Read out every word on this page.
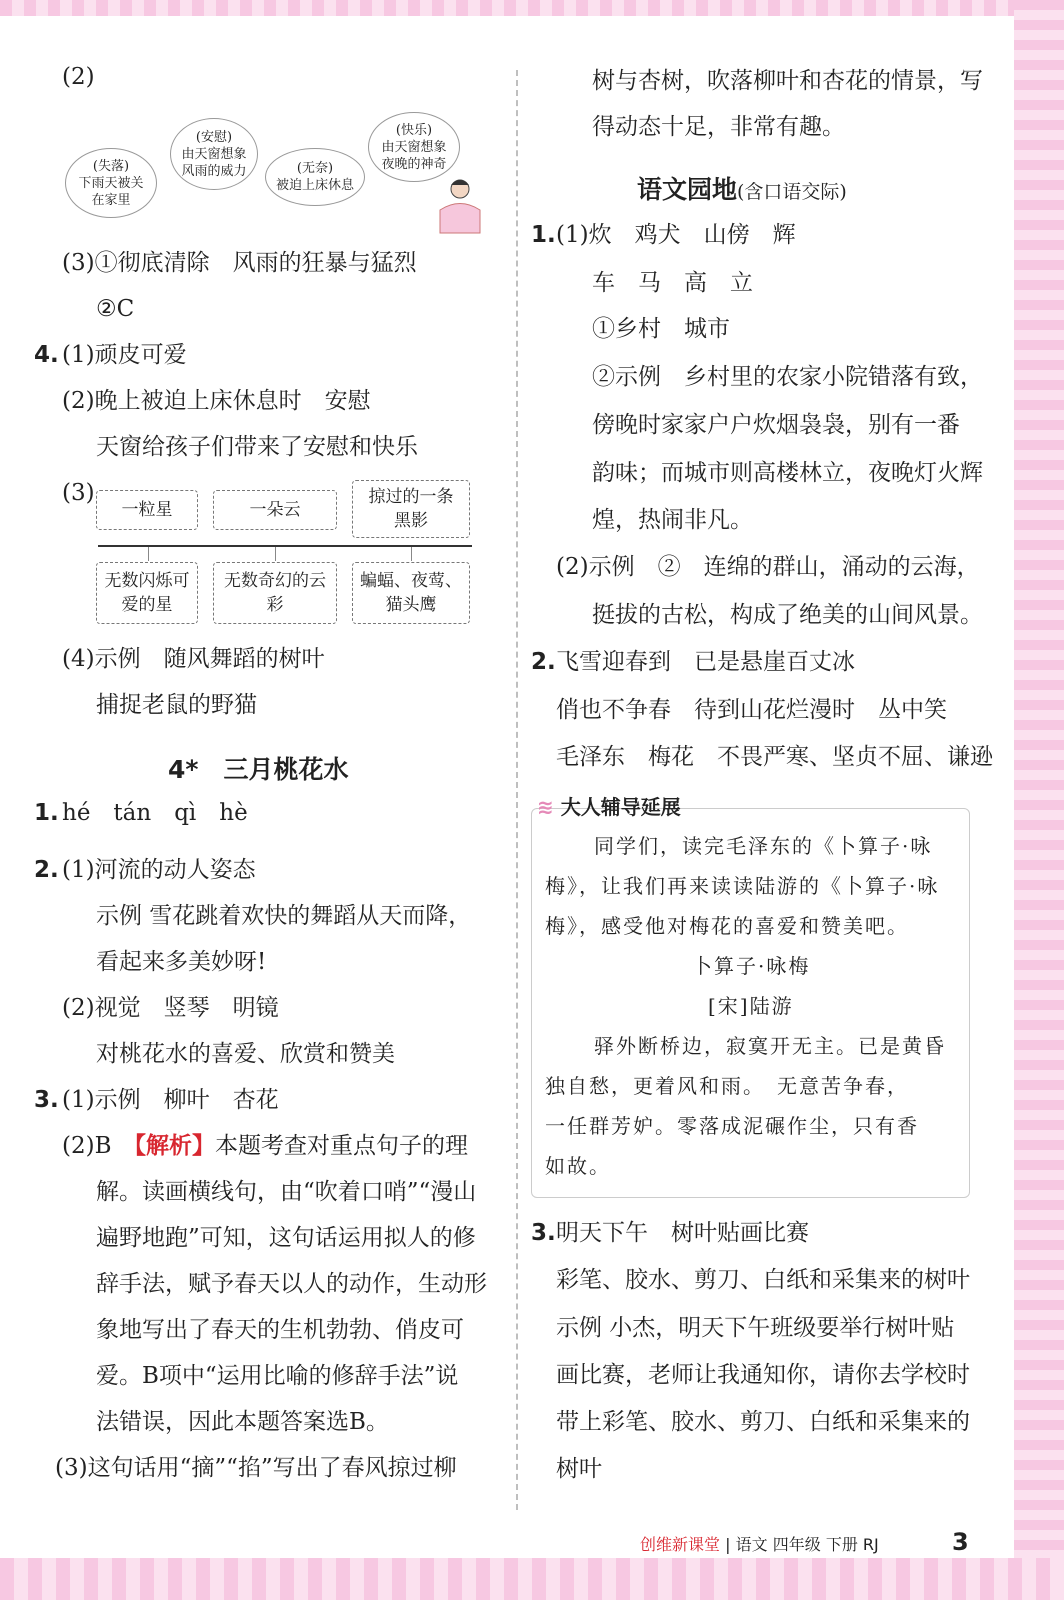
(2)
(失落)
下雨天被关在家里
(安慰)
由天窗想象风雨的威力	(无奈)
被迫上床休息
(快乐)
由天窗想象夜晚的神奇
(3)①彻底清除　风雨的狂暴与猛烈
②C
4. (1)顽皮可爱
(2)晚上被迫上床休息时　安慰
天窗给孩子们带来了安慰和快乐
(3)
一粒星	一朵云
掠过的一条黑影
无数闪烁可爱的星
无数奇幻的云彩
蝙蝠、夜莺、猫头鹰
(4)示例　随风舞蹈的树叶
捕捉老鼠的野猫
4*　三月桃花水
1. hé　tán　qì　hè
2. (1)河流的动人姿态
示例 雪花跳着欢快的舞蹈从天而降，
看起来多美妙呀!
(2)视觉　竖琴　明镜
对桃花水的喜爱、欣赏和赞美
3. (1)示例　柳叶　杏花
(2)B　【解析】本题考查对重点句子的理
解。读画横线句，由“吹着口哨”“漫山
遍野地跑”可知，这句话运用拟人的修
辞手法，赋予春天以人的动作，生动形
象地写出了春天的生机勃勃、俏皮可
爱。B项中“运用比喻的修辞手法”说
法错误，因此本题答案选B。
(3)这句话用“摘”“掐”写出了春风掠过柳
树与杏树，吹落柳叶和杏花的情景，写
得动态十足，非常有趣。
语文园地(含口语交际)
1. (1)炊　鸡犬　山傍　辉
车　马　高　立
①乡村　城市
②示例　乡村里的农家小院错落有致，
傍晚时家家户户炊烟袅袅，别有一番
韵味；而城市则高楼林立，夜晚灯火辉
煌，热闹非凡。
(2)示例　②　连绵的群山，涌动的云海，
挺拔的古松，构成了绝美的山间风景。
2. 飞雪迎春到　已是悬崖百丈冰
俏也不争春　待到山花烂漫时　丛中笑
毛泽东　梅花　不畏严寒、坚贞不屈、谦逊
≋ 大人辅导延展
同学们，读完毛泽东的《卜算子·咏
梅》，让我们再来读读陆游的《卜算子·咏
梅》，感受他对梅花的喜爱和赞美吧。
卜算子·咏梅
[宋]陆游
驿外断桥边，寂寞开无主。已是黄昏
独自愁，更着风和雨。　无意苦争春，
一任群芳妒。零落成泥碾作尘，只有香
如故。
3. 明天下午　树叶贴画比赛
彩笔、胶水、剪刀、白纸和采集来的树叶
示例 小杰，明天下午班级要举行树叶贴
画比赛，老师让我通知你，请你去学校时
带上彩笔、胶水、剪刀、白纸和采集来的
树叶
创维新课堂 | 语文 四年级 下册 RJ	3
